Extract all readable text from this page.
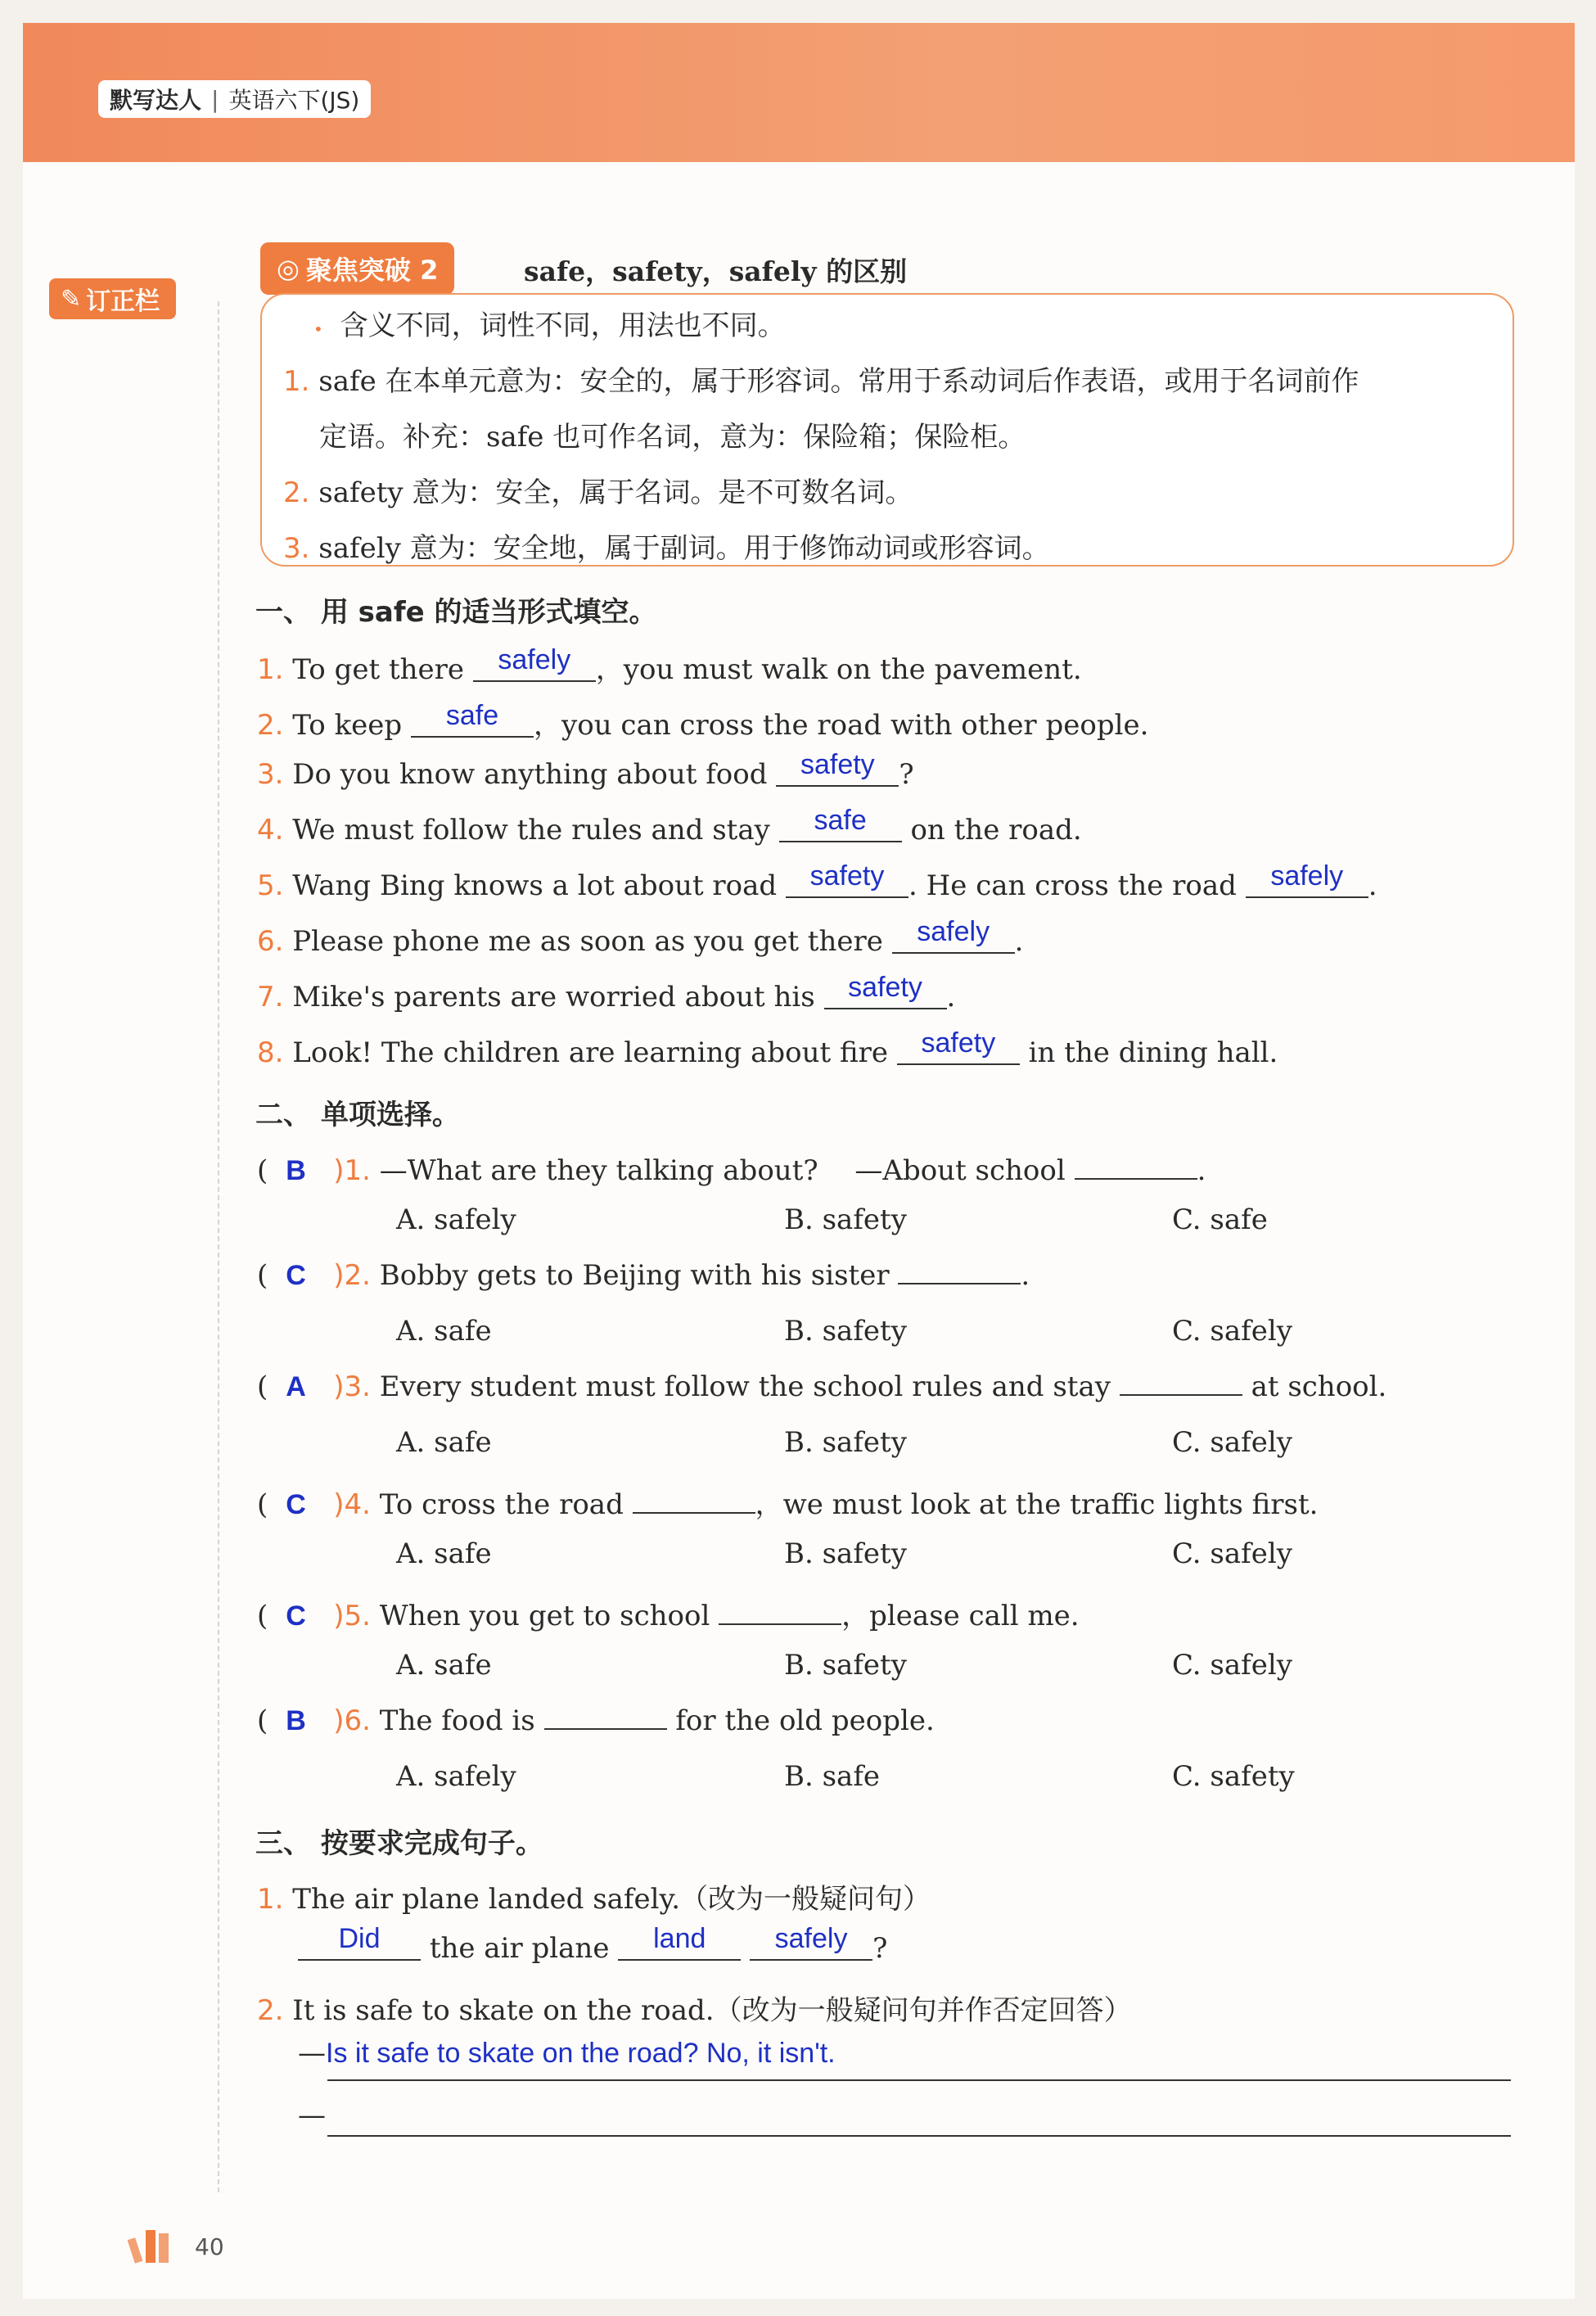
默写达人 | 英语六下(JS)
✎ 订正栏
◎ 聚焦突破 2	safe，safety，safely 的区别
• 含义不同，词性不同，用法也不同。
1. safe 在本单元意为：安全的，属于形容词。常用于系动词后作表语，或用于名词前作
定语。补充：safe 也可作名词，意为：保险箱；保险柜。
2. safety 意为：安全，属于名词。是不可数名词。
3. safely 意为：安全地，属于副词。用于修饰动词或形容词。
一、 用 safe 的适当形式填空。
1. To get there safely ，you must walk on the pavement.
2. To keep safe ，you can cross the road with other people.
3. Do you know anything about food safety ?
4. We must follow the rules and stay safe on the road.
5. Wang Bing knows a lot about road safety . He can cross the road safely .
6. Please phone me as soon as you get there safely .
7. Mike's parents are worried about his safety .
8. Look! The children are learning about fire safety in the dining hall.
二、 单项选择。
( B )1. —What are they talking about?　 —About school	.
A. safely	B. safety	C. safe
( C )2. Bobby gets to Beijing with his sister	.
A. safe	B. safety	C. safely
( A )3. Every student must follow the school rules and stay	at school.
A. safe	B. safety	C. safely
( C )4. To cross the road	，we must look at the traffic lights first.
A. safe	B. safety	C. safely
( C )5. When you get to school	，please call me.
A. safe	B. safety	C. safely
( B )6. The food is	for the old people.
A. safely	B. safe	C. safety
三、 按要求完成句子。
1. The air plane landed safely.（改为一般疑问句）
Did the air plane land safely ?
2. It is safe to skate on the road.（改为一般疑问句并作否定回答）
—Is it safe to skate on the road? No, it isn't.
—
40
